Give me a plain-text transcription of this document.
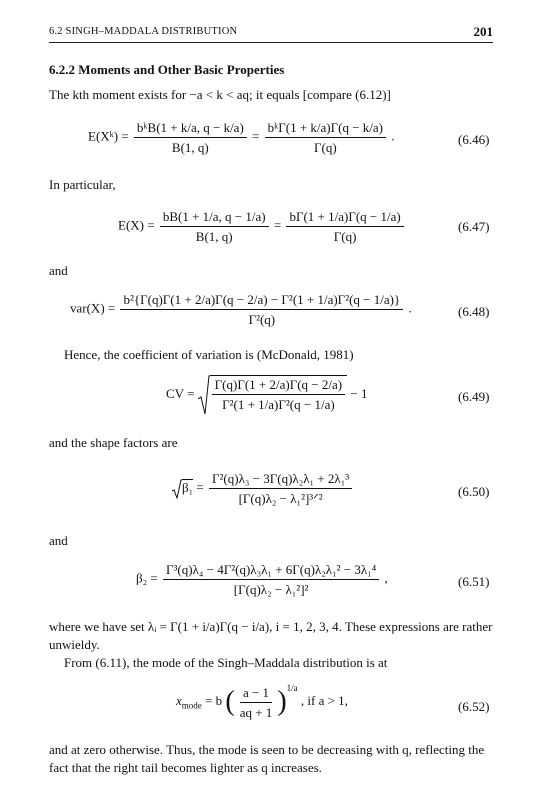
6.2 SINGH–MADDALA DISTRIBUTION	201
6.2.2 Moments and Other Basic Properties
The kth moment exists for −a < k < aq; it equals [compare (6.12)]
E(Xᵏ) = $\frac{\text{bᵏB(1 + k/a, q − k/a)}}{B(1, q)} = \frac{\text{bᵏΓ(1 + k/a)Γ(q − k/a)}}{\Gamma(q)}$ .	(6.46)
In particular,
$E(X) = \frac{bB(1 + 1/a, q - 1/a)}{B(1, q)} = \frac{b\Gamma(1 + 1/a)\Gamma(q - 1/a)}{\Gamma(q)}$	(6.47)
and
$var(X) = \frac{\text{b²\{Γ(q)Γ(1 + 2/a)Γ(q − 2/a) − Γ²(1 + 1/a)Γ²(q − 1/a)\}}}{\text{Γ²(q)}}$ .	(6.48)
Hence, the coefficient of variation is (McDonald, 1981)
CV = $\frac{\Gamma(q)\Gamma(1 + 2/a)\Gamma(q - 2/a)}{\text{Γ²(1 + 1/a)Γ²(q − 1/a)}} - 1$	(6.49)
and the shape factors are
$\beta_1 = \frac{\text{Γ²(q)λ₃ − 3Γ(q)λ₂λ₁ + 2λ₁³}}{\text{[Γ(q)λ₂ − λ₁²]³ᐟ²}}$	(6.50)
and
$\beta_2 = \frac{\text{Γ³(q)λ₄ − 4Γ²(q)λ₃λ₁ + 6Γ(q)λ₂λ₁² − 3λ₁⁴}}{\text{[Γ(q)λ₂ − λ₁²]²}}$ ,	(6.51)
where we have set λᵢ = Γ(1 + i/a)Γ(q − i/a), i = 1, 2, 3, 4. These expressions are rather unwieldy.
From (6.11), the mode of the Singh–Maddala distribution is at
$x_{mode} = b$ ( $\frac{a - 1}{aq + 1} )^{1/a}$ , if a > 1,	(6.52)
and at zero otherwise. Thus, the mode is seen to be decreasing with q, reflecting the fact that the right tail becomes lighter as q increases.
